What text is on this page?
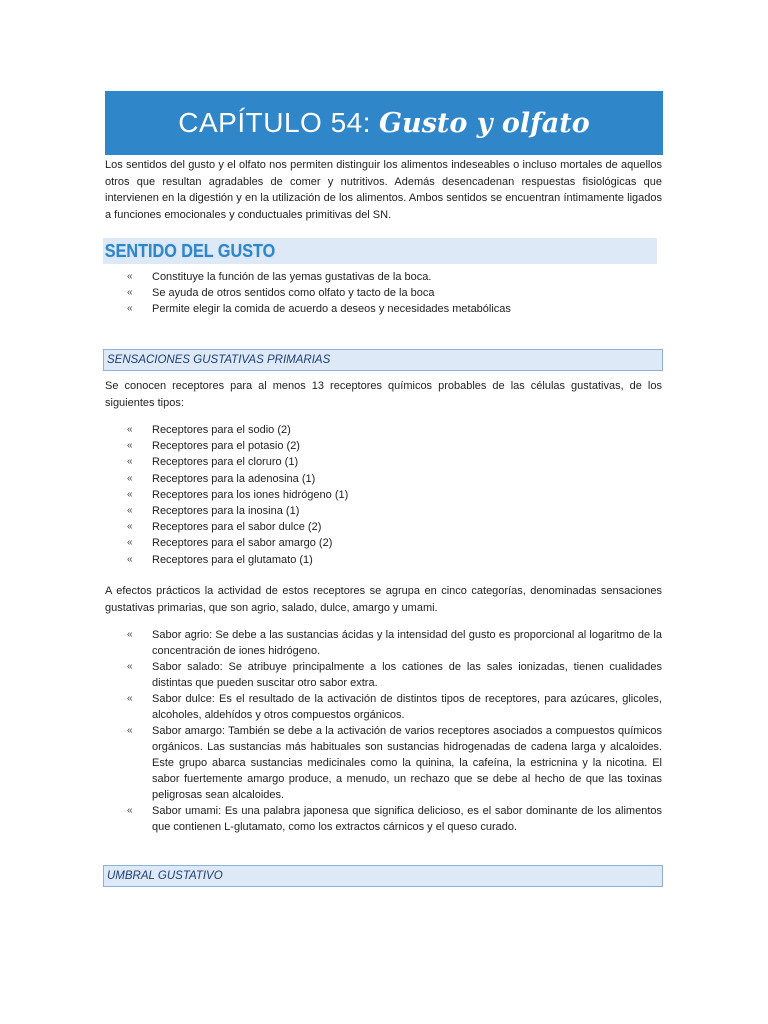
CAPÍTULO 54: Gusto y olfato

Los sentidos del gusto y el olfato nos permiten distinguir los alimentos indeseables o incluso mortales de aquellos otros que resultan agradables de comer y nutritivos. Además desencadenan respuestas fisiológicas que intervienen en la digestión y en la utilización de los alimentos. Ambos sentidos se encuentran íntimamente ligados a funciones emocionales y conductuales primitivas del SN.

SENTIDO DEL GUSTO
« Constituye la función de las yemas gustativas de la boca.
« Se ayuda de otros sentidos como olfato y tacto de la boca
« Permite elegir la comida de acuerdo a deseos y necesidades metabólicas
SENSACIONES GUSTATIVAS PRIMARIAS

Se conocen receptores para al menos 13 receptores químicos probables de las células gustativas, de los siguientes tipos:

« Receptores para el sodio (2)
« Receptores para el potasio (2)
« Receptores para el cloruro (1)
« Receptores para la adenosina (1)
« Receptores para los iones hidrógeno (1)
« Receptores para la inosina (1)
« Receptores para el sabor dulce (2)
« Receptores para el sabor amargo (2)
« Receptores para el glutamato (1)

A efectos prácticos la actividad de estos receptores se agrupa en cinco categorías, denominadas sensaciones gustativas primarias, que son agrio, salado, dulce, amargo y umami.

« Sabor agrio: Se debe a las sustancias ácidas y la intensidad del gusto es proporcional al logaritmo de la concentración de iones hidrógeno.
« Sabor salado: Se atribuye principalmente a los cationes de las sales ionizadas, tienen cualidades distintas que pueden suscitar otro sabor extra.
« Sabor dulce: Es el resultado de la activación de distintos tipos de receptores, para azúcares, glicoles, alcoholes, aldehídos y otros compuestos orgánicos.
« Sabor amargo: También se debe a la activación de varios receptores asociados a compuestos químicos orgánicos. Las sustancias más habituales son sustancias hidrogenadas de cadena larga y alcaloides. Este grupo abarca sustancias medicinales como la quinina, la cafeína, la estricnina y la nicotina. El sabor fuertemente amargo produce, a menudo, un rechazo que se debe al hecho de que las toxinas peligrosas sean alcaloides.
« Sabor umami: Es una palabra japonesa que significa delicioso, es el sabor dominante de los alimentos que contienen L-glutamato, como los extractos cárnicos y el queso curado.
UMBRAL GUSTATIVO
